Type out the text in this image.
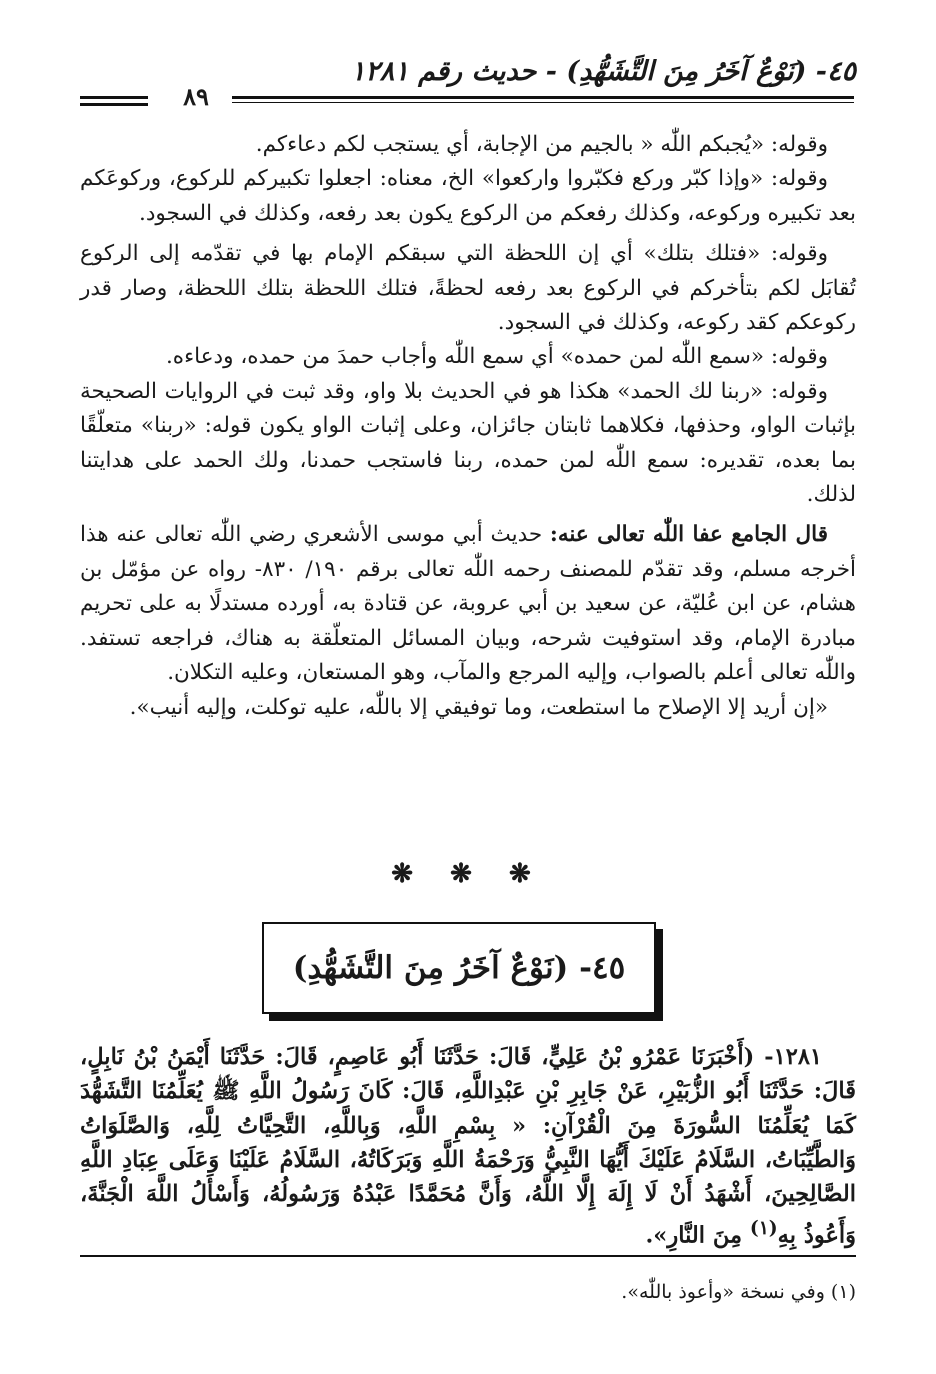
٤٥- (نَوْعٌ آخَرُ مِنَ التَّشَهُّدِ) - حديث رقم ١٢٨١
٨٩

وقوله: «يُجبكم اللّٰه « بالجيم من الإجابة، أي يستجب لكم دعاءكم.

وقوله: «وإذا كبّر وركع فكبّروا واركعوا» الخ، معناه: اجعلوا تكبيركم للركوع، وركوعَكم بعد تكبيره وركوعه، وكذلك رفعكم من الركوع يكون بعد رفعه، وكذلك في السجود.

وقوله: «فتلك بتلك» أي إن اللحظة التي سبقكم الإمام بها في تقدّمه إلى الركوع تُقابَل لكم بتأخركم في الركوع بعد رفعه لحظةً، فتلك اللحظة بتلك اللحظة، وصار قدر ركوعكم كقد ركوعه، وكذلك في السجود.

وقوله: «سمع اللّٰه لمن حمده» أي سمع اللّٰه وأجاب حمدَ من حمده، ودعاءه.

وقوله: «ربنا لك الحمد» هكذا هو في الحديث بلا واو، وقد ثبت في الروايات الصحيحة بإثبات الواو، وحذفها، فكلاهما ثابتان جائزان، وعلى إثبات الواو يكون قوله: «ربنا» متعلّقًا بما بعده، تقديره: سمع اللّٰه لمن حمده، ربنا فاستجب حمدنا، ولك الحمد على هدايتنا لذلك.

قال الجامع عفا اللّٰه تعالى عنه: حديث أبي موسى الأشعري رضي اللّٰه تعالى عنه هذا أخرجه مسلم، وقد تقدّم للمصنف رحمه اللّٰه تعالى برقم ١٩٠/ ٨٣٠- رواه عن مؤمّل بن هشام، عن ابن عُليّة، عن سعيد بن أبي عروبة، عن قتادة به، أورده مستدلًا به على تحريم مبادرة الإمام، وقد استوفيت شرحه، وبيان المسائل المتعلّقة به هناك، فراجعه تستفد. واللّٰه تعالى أعلم بالصواب، وإليه المرجع والمآب، وهو المستعان، وعليه التكلان.

«إن أريد إلا الإصلاح ما استطعت، وما توفيقي إلا باللّٰه، عليه توكلت، وإليه أنيب».

❋ ❋ ❋
٤٥- (نَوْعٌ آخَرُ مِنَ التَّشَهُّدِ)

١٢٨١- (أَخْبَرَنَا عَمْرُو بْنُ عَلِيٍّ، قَالَ: حَدَّثَنَا أَبُو عَاصِمٍ، قَالَ: حَدَّثَنَا أَيْمَنُ بْنُ نَابِلٍ، قَالَ: حَدَّثَنَا أَبُو الزُّبَيْرِ، عَنْ جَابِرِ بْنِ عَبْدِاللَّهِ، قَالَ: كَانَ رَسُولُ اللَّهِ ﷺ يُعَلِّمُنَا التَّشَهُّدَ كَمَا يُعَلِّمُنَا السُّورَةَ مِنَ الْقُرْآنِ: « بِسْمِ اللَّهِ، وَبِاللَّهِ، التَّحِيَّاتُ لِلَّهِ، وَالصَّلَوَاتُ وَالطَّيِّبَاتُ، السَّلَامُ عَلَيْكَ أَيُّهَا النَّبِيُّ وَرَحْمَةُ اللَّهِ وَبَرَكَاتُهُ، السَّلَامُ عَلَيْنَا وَعَلَى عِبَادِ اللَّهِ الصَّالِحِينَ، أَشْهَدُ أَنْ لَا إِلَهَ إِلَّا اللَّهُ، وَأَنَّ مُحَمَّدًا عَبْدُهُ وَرَسُولُهُ، وَأَسْأَلُ اللَّهَ الْجَنَّةَ، وَأَعُوذُ بِهِ$^{(١)}$ مِنَ النَّارِ».

(١) وفي نسخة «وأعوذ باللّٰه».
